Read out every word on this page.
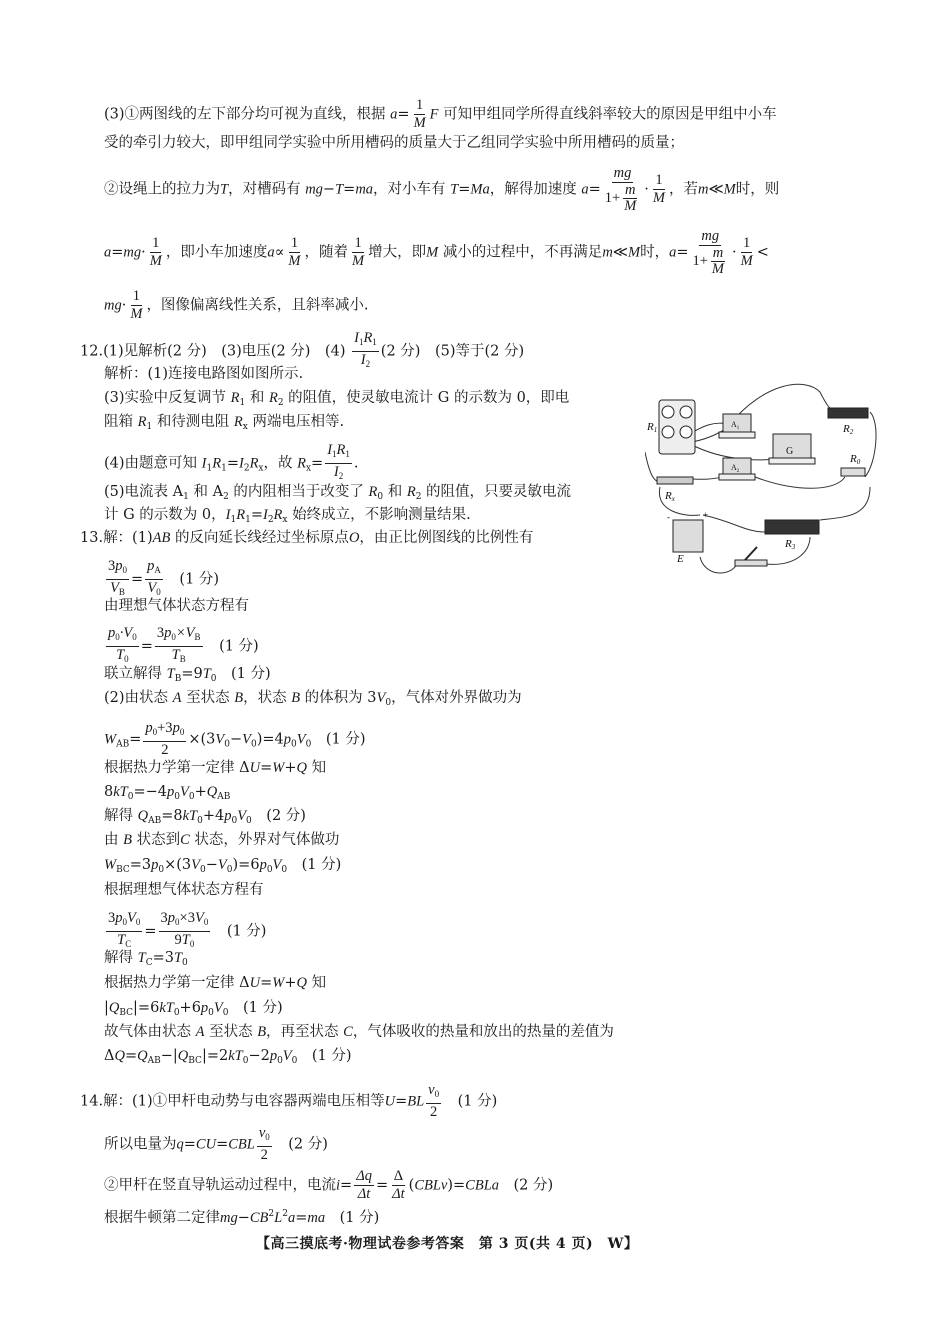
(3)①两图线的左下部分均可视为直线，根据 $a= \frac{1}{M}$ F 可知甲组同学所得直线斜率较大的原因是甲组中小车
受的牵引力较大，即甲组同学实验中所用槽码的质量大于乙组同学实验中所用槽码的质量；
②设绳上的拉力为T，对槽码有 mg−T=ma，对小车有 T=Ma，解得加速度 $a= \frac{mg}{1+ \frac{m}{M}} \cdot \frac{1}{M}$ ，若m≪M时，则
$a=mg\cdot \frac{1}{M}$ ，即小车加速度$a\propto \frac{1}{M}$ ，随着 $\frac{1}{M}$ 增大，即M 减小的过程中，不再满足m≪M时，$a= \frac{mg}{1+ \frac{m}{M}} \cdot \frac{1}{M}$ <
$mg\cdot \frac{1}{M}$ ，图像偏离线性关系，且斜率减小.
12.(1)见解析(2 分)　(3)电压(2 分)　$(4) \frac{I_1R_1}{I_2} (2$ 分)　(5)等于(2 分)
解析：(1)连接电路图如图所示.
(3)实验中反复调节 $R_1$ 和 $R_2$ 的阻值，使灵敏电流计 G 的示数为 0，即电
阻箱 $R_1$ 和待测电阻 $R_x$ 两端电压相等.
(4)由题意可知 $I_1R_1=I_2R_x$，故 $R_x= \frac{I_1R_1}{I_2}$ .
(5)电流表 $A_1$ 和 $A_2$ 的内阻相当于改变了 $R_0$ 和 $R_2$ 的阻值，只要灵敏电流
计 G 的示数为 0，$I_1R_1=I_2R_x$ 始终成立，不影响测量结果.
R1
$A_1$	R2
G
R0
$A_2$
Rx
E
R3
-	+
13.解：(1)AB 的反向延长线经过坐标原点O，由正比例图线的比例性有
$\frac{3p_0}{V_B} = \frac{p_A}{V_0}$
　 (1 分)
由理想气体状态方程有
$\frac{p_0\cdot V_0}{T_0} = \frac{3p_0\times V_B}{T_B}$
　 (1 分)
联立解得 $T_B=9T_0$　 (1 分)
(2)由状态 A 至状态 B，状态 B 的体积为 $3V_0$，气体对外界做功为
$W_{AB}= \frac{p_0+3p_0}{2} \times(3V_0-V_0)=4p_0V_0$　 (1 分)
根据热力学第一定律 ΔU=W+Q 知
$8kT_0=-4p_0V_0+Q_{AB}$
解得 $Q_{AB}=8kT_0+4p_0V_0$　 (2 分)
由 B 状态到C 状态，外界对气体做功
$W_{BC}=3p_0\times(3V_0-V_0)=6p_0V_0$　 (1 分)
根据理想气体状态方程有
$\frac{3p_0V_0}{T_C} = \frac{3p_0\times 3V_0}{9T_0}$
　 (1 分)
解得 $T_C=3T_0$
根据热力学第一定律 ΔU=W+Q 知
$|Q_{BC}|=6kT_0+6p_0V_0$　 (1 分)
故气体由状态 A 至状态 B，再至状态 C，气体吸收的热量和放出的热量的差值为
$\Delta Q=Q_{AB}-|Q_{BC}|=2kT_0-2p_0V_0$　 (1 分)
14.解：(1)①甲杆电动势与电容器两端电压相等$U=BL \frac{v_0}{2}$
　 (1 分)
所以电量为$q=CU=CBL \frac{v_0}{2}$
　 (2 分)
②甲杆在竖直导轨运动过程中，电流$i= \frac{\Delta q}{\Delta t} = \frac{\Delta}{\Delta t}$ (CBLv)=CBLa　 (2 分)
根据牛顿第二定律$mg-CB^2L^2a=ma$　 (1 分)
【高三摸底考·物理试卷参考答案　第 3 页(共 4 页)　W】
